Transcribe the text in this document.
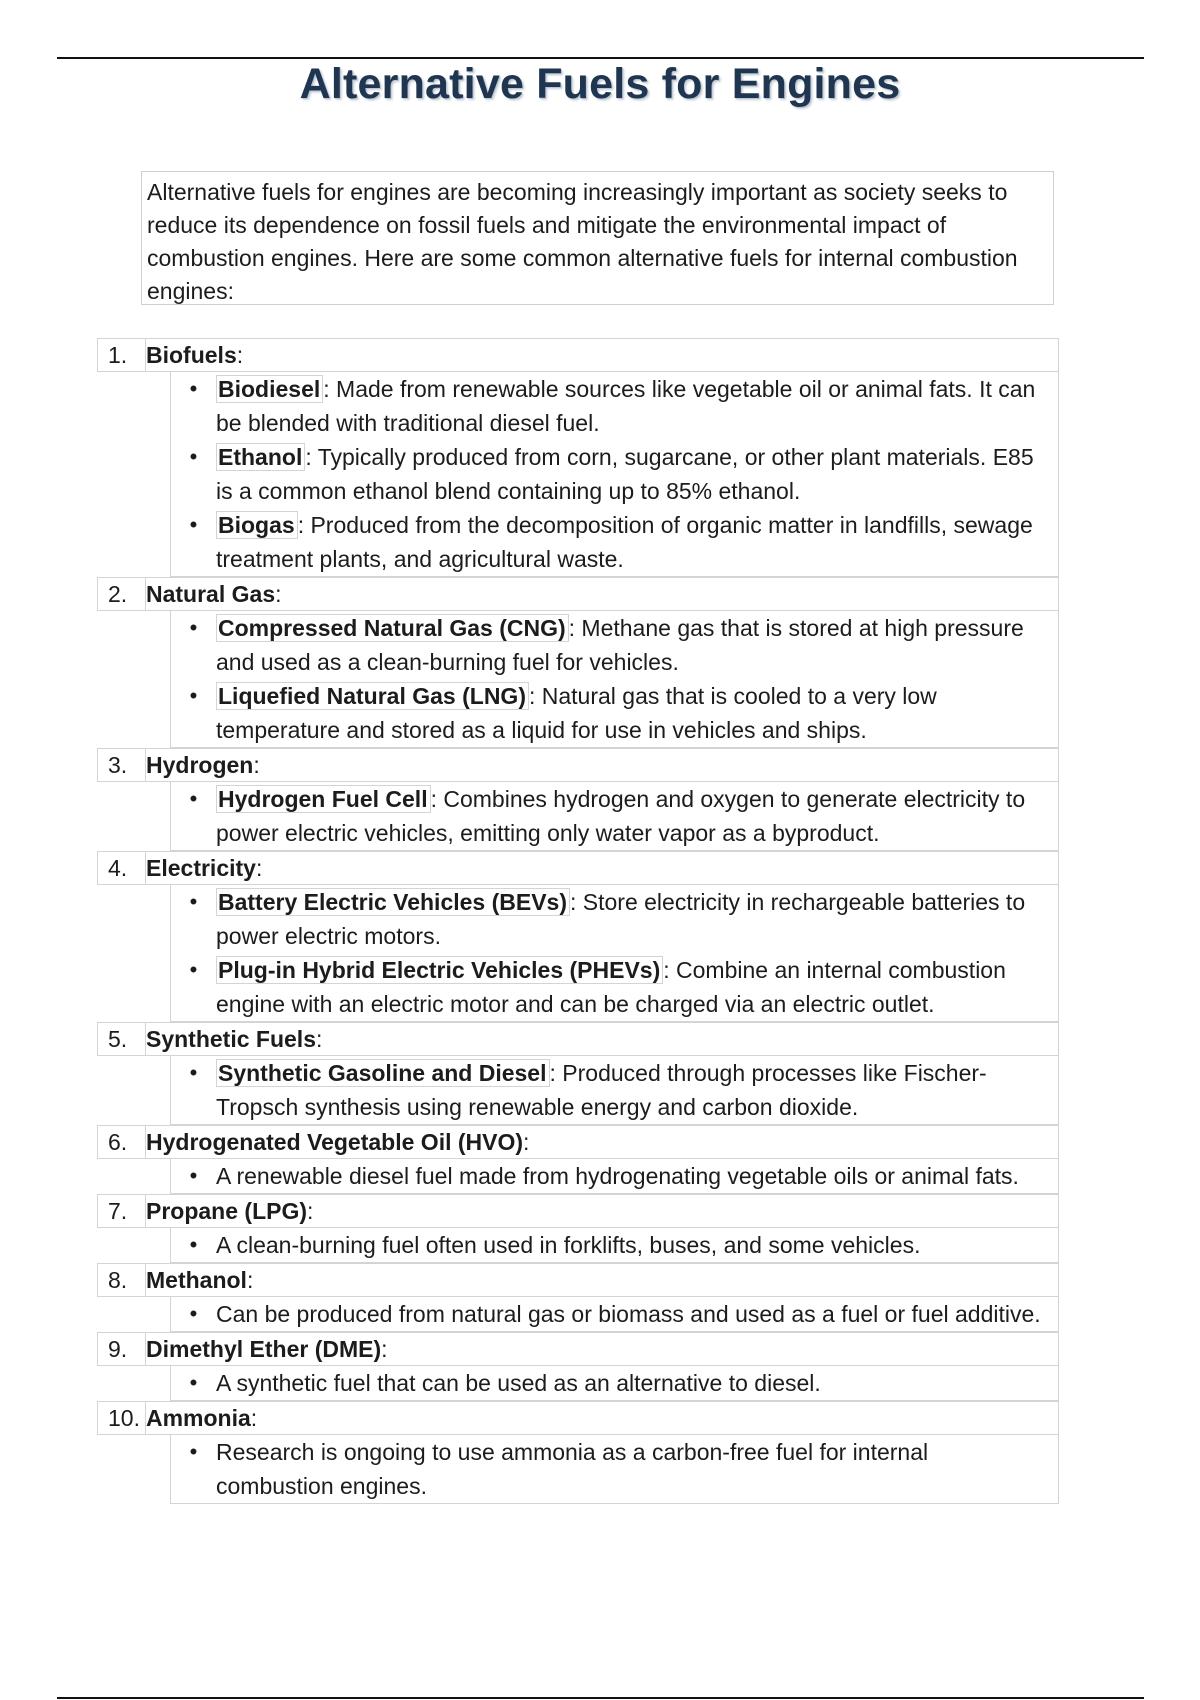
Alternative Fuels for Engines
Alternative fuels for engines are becoming increasingly important as society seeks to reduce its dependence on fossil fuels and mitigate the environmental impact of combustion engines. Here are some common alternative fuels for internal combustion engines:
1. Biofuels:
• Biodiesel : Made from renewable sources like vegetable oil or animal fats. It can be blended with traditional diesel fuel.
• Ethanol : Typically produced from corn, sugarcane, or other plant materials. E85 is a common ethanol blend containing up to 85% ethanol.
• Biogas : Produced from the decomposition of organic matter in landfills, sewage treatment plants, and agricultural waste.
2. Natural Gas:
• Compressed Natural Gas (CNG) : Methane gas that is stored at high pressure and used as a clean-burning fuel for vehicles.
• Liquefied Natural Gas (LNG) : Natural gas that is cooled to a very low temperature and stored as a liquid for use in vehicles and ships.
3. Hydrogen:
• Hydrogen Fuel Cell : Combines hydrogen and oxygen to generate electricity to power electric vehicles, emitting only water vapor as a byproduct.
4. Electricity:
• Battery Electric Vehicles (BEVs) : Store electricity in rechargeable batteries to power electric motors.
• Plug-in Hybrid Electric Vehicles (PHEVs) : Combine an internal combustion engine with an electric motor and can be charged via an electric outlet.
5. Synthetic Fuels:
• Synthetic Gasoline and Diesel : Produced through processes like Fischer-Tropsch synthesis using renewable energy and carbon dioxide.
6. Hydrogenated Vegetable Oil (HVO):
• A renewable diesel fuel made from hydrogenating vegetable oils or animal fats.
7. Propane (LPG):
• A clean-burning fuel often used in forklifts, buses, and some vehicles.
8. Methanol:
• Can be produced from natural gas or biomass and used as a fuel or fuel additive.
9. Dimethyl Ether (DME):
• A synthetic fuel that can be used as an alternative to diesel.
10. Ammonia:
• Research is ongoing to use ammonia as a carbon-free fuel for internal combustion engines.
